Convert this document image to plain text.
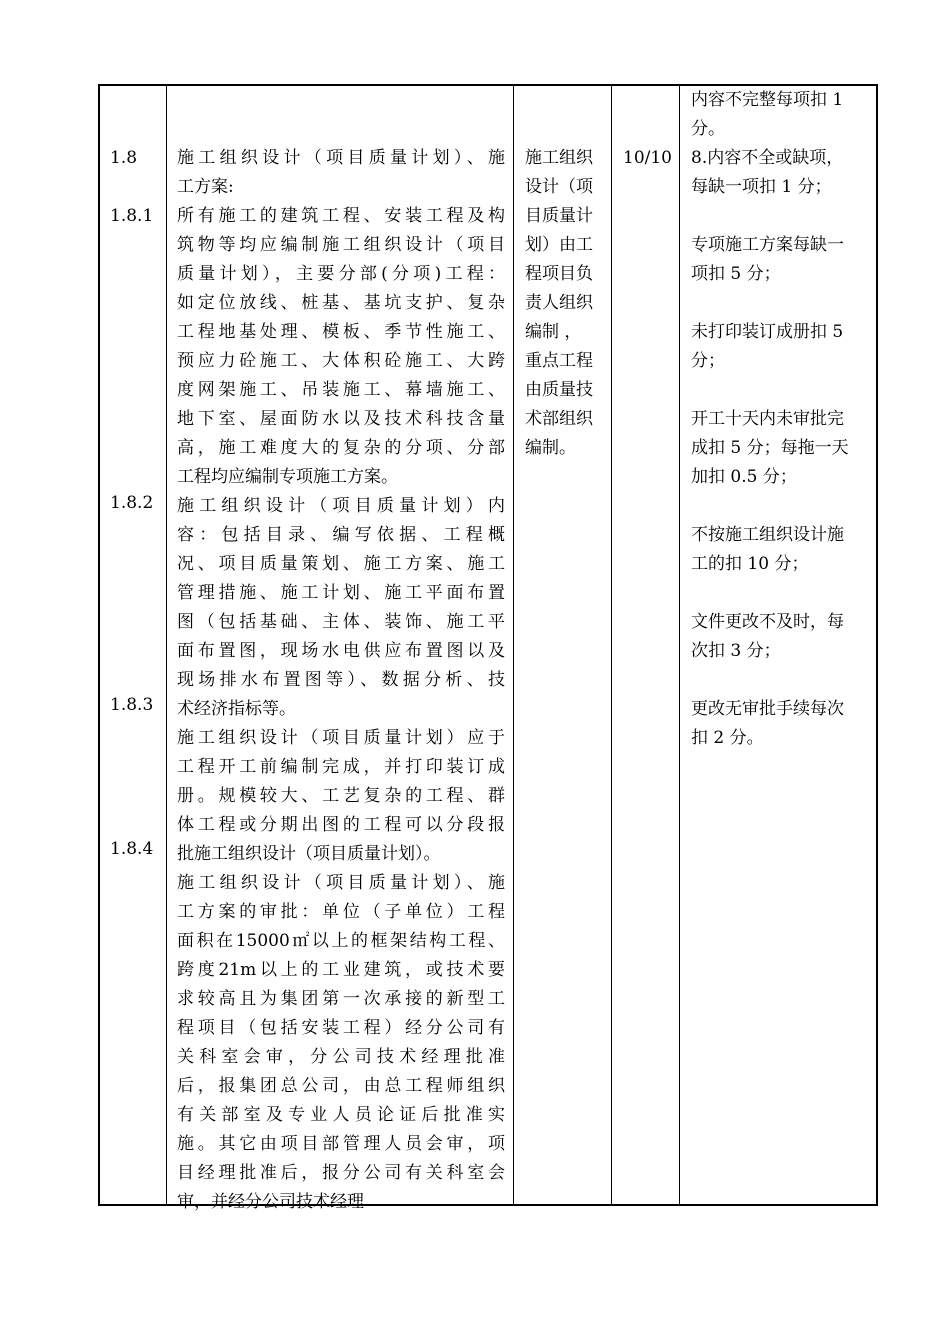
1.8
1.8.1
1.8.2
1.8.3
1.8.4
施工组织设计（项目质量计划）、施
工方案:
所有施工的建筑工程、安装工程及构
筑物等均应编制施工组织设计（项目
质量计划），主要分部(分项)工程：
如定位放线、桩基、基坑支护、复杂
工程地基处理、模板、季节性施工、
预应力砼施工、大体积砼施工、大跨
度网架施工、吊装施工、幕墙施工、
地下室、屋面防水以及技术科技含量
高，施工难度大的复杂的分项、分部
工程均应编制专项施工方案。
施工组织设计（项目质量计划）内
容：包括目录、编写依据、工程概
况、项目质量策划、施工方案、施工
管理措施、施工计划、施工平面布置
图（包括基础、主体、装饰、施工平
面布置图，现场水电供应布置图以及
现场排水布置图等）、数据分析、技
术经济指标等。
施工组织设计（项目质量计划）应于
工程开工前编制完成，并打印装订成
册。规模较大、工艺复杂的工程、群
体工程或分期出图的工程可以分段报
批施工组织设计（项目质量计划）。
施工组织设计（项目质量计划）、施
工方案的审批：单位（子单位）工程
面积在15000㎡以上的框架结构工程、
跨度21m以上的工业建筑，或技术要
求较高且为集团第一次承接的新型工
程项目（包括安装工程）经分公司有
关科室会审，分公司技术经理批准
后，报集团总公司，由总工程师组织
有关部室及专业人员论证后批准实
施。其它由项目部管理人员会审，项
目经理批准后，报分公司有关科室会
审，并经分公司技术经理
施工组织
设计（项
目质量计
划）由工
程项目负
责人组织
编制 ，
重点工程
由质量技
术部组织
编制。
10/10
内容不完整每项扣 1
分。
8.内容不全或缺项，
每缺一项扣 1 分；
专项施工方案每缺一
项扣 5 分；
未打印装订成册扣 5
分；
开工十天内未审批完
成扣 5 分；每拖一天
加扣 0.5 分；
不按施工组织设计施
工的扣 10 分；
文件更改不及时，每
次扣 3 分；
更改无审批手续每次
扣 2 分。
